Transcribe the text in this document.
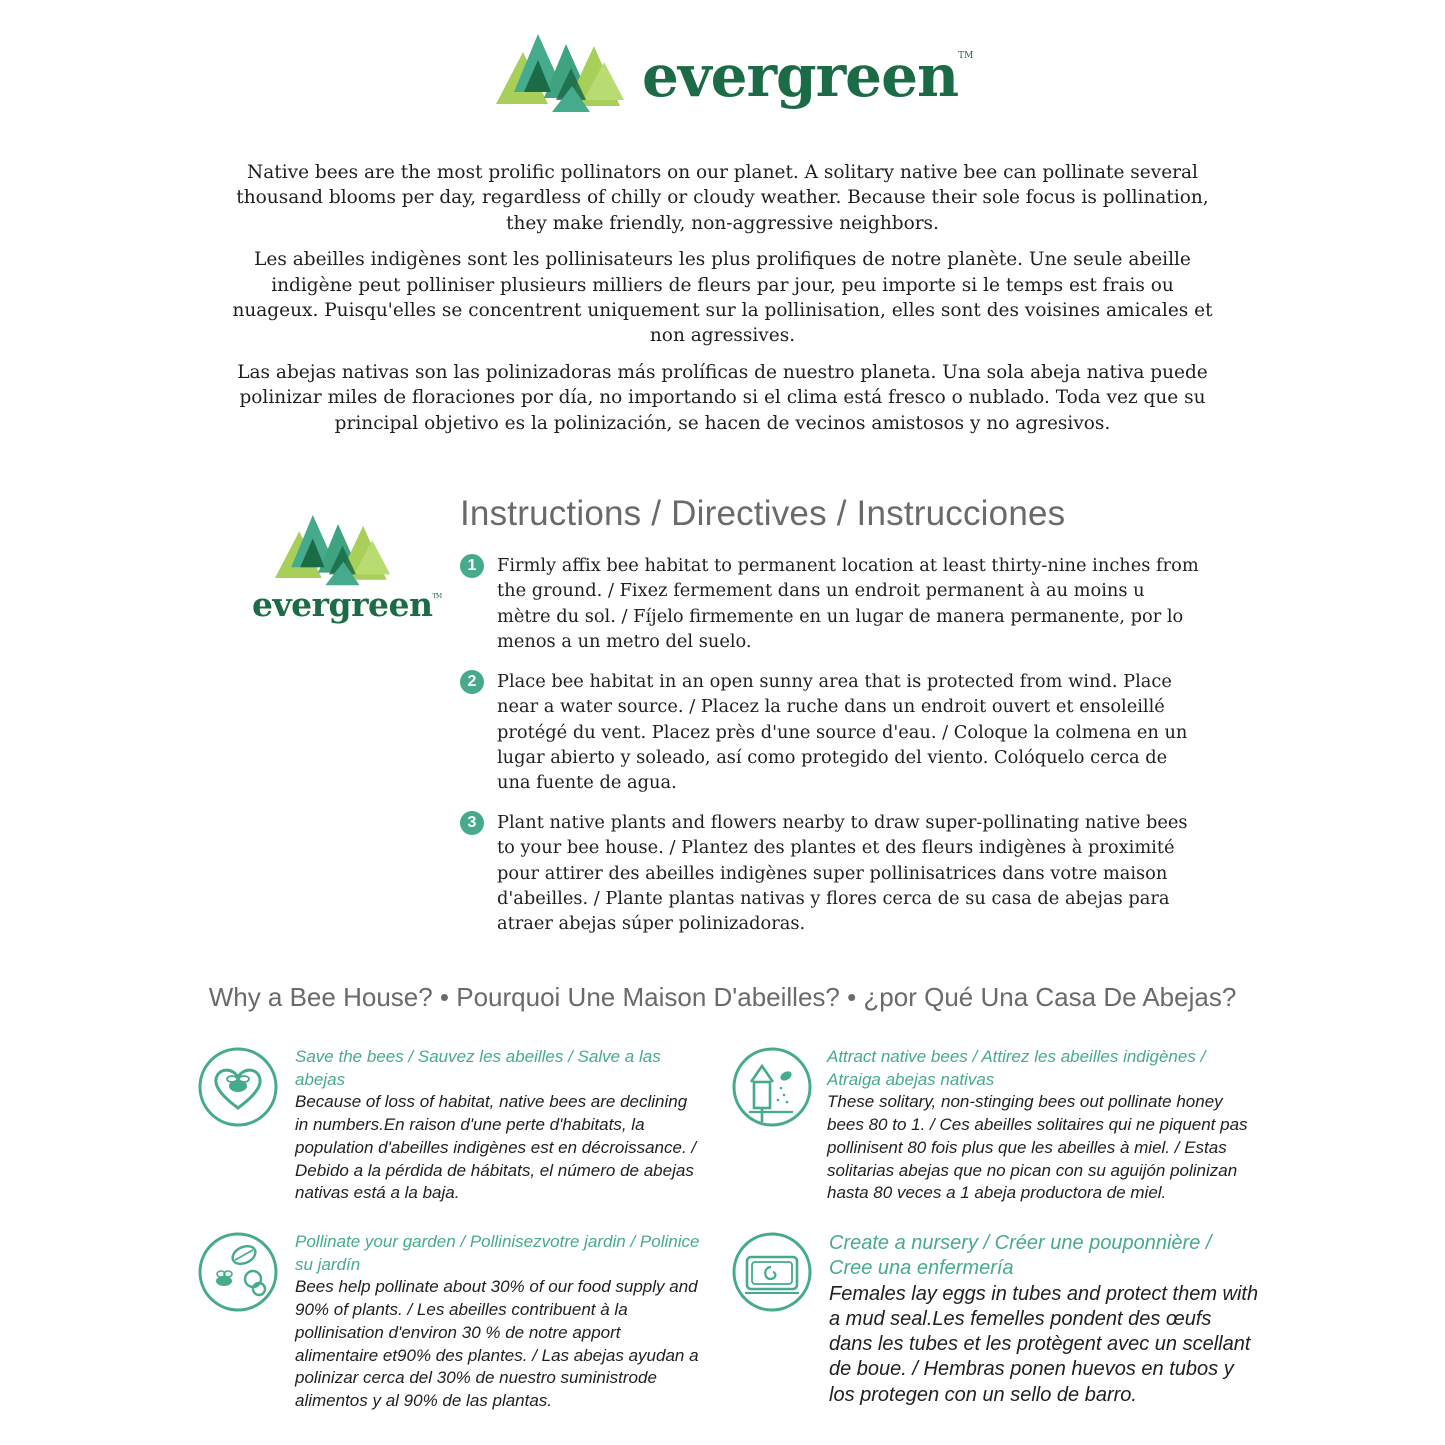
evergreen™

Native bees are the most prolific pollinators on our planet. A solitary native bee can pollinate several thousand blooms per day, regardless of chilly or cloudy weather. Because their sole focus is pollination, they make friendly, non-aggressive neighbors.

Les abeilles indigènes sont les pollinisateurs les plus prolifiques de notre planète. Une seule abeille indigène peut polliniser plusieurs milliers de fleurs par jour, peu importe si le temps est frais ou nuageux. Puisqu'elles se concentrent uniquement sur la pollinisation, elles sont des voisines amicales et non agressives.

Las abejas nativas son las polinizadoras más prolíficas de nuestro planeta. Una sola abeja nativa puede polinizar miles de floraciones por día, no importando si el clima está fresco o nublado. Toda vez que su principal objetivo es la polinización, se hacen de vecinos amistosos y no agresivos.

evergreen™
Instructions / Directives / Instrucciones
1	Firmly affix bee habitat to permanent location at least thirty-nine inches from the ground. / Fixez fermement dans un endroit permanent à au moins u mètre du sol. / Fíjelo firmemente en un lugar de manera permanente, por lo menos a un metro del suelo.
2	Place bee habitat in an open sunny area that is protected from wind. Place near a water source. / Placez la ruche dans un endroit ouvert et ensoleillé protégé du vent. Placez près d'une source d'eau. / Coloque la colmena en un lugar abierto y soleado, así como protegido del viento. Colóquelo cerca de una fuente de agua.
3	Plant native plants and flowers nearby to draw super-pollinating native bees to your bee house. / Plantez des plantes et des fleurs indigènes à proximité pour attirer des abeilles indigènes super pollinisatrices dans votre maison d'abeilles. / Plante plantas nativas y flores cerca de su casa de abejas para atraer abejas súper polinizadoras.
Why a Bee House? • Pourquoi Une Maison D'abeilles? • ¿por Qué Una Casa De Abejas?
Save the bees / Sauvez les abeilles / Salve a las abejas
Because of loss of habitat, native bees are declining in numbers.En raison d'une perte d'habitats, la population d'abeilles indigènes est en décroissance. / Debido a la pérdida de hábitats, el número de abejas nativas está a la baja.
Attract native bees / Attirez les abeilles indigènes / Atraiga abejas nativas
These solitary, non-stinging bees out pollinate honey bees 80 to 1. / Ces abeilles solitaires qui ne piquent pas pollinisent 80 fois plus que les abeilles à miel. / Estas solitarias abejas que no pican con su aguijón polinizan hasta 80 veces a 1 abeja productora de miel.
Pollinate your garden / Pollinisezvotre jardin / Polinice su jardín
Bees help pollinate about 30% of our food supply and 90% of plants. / Les abeilles contribuent à la pollinisation d'environ 30 % de notre apport alimentaire et90% des plantes. / Las abejas ayudan a polinizar cerca del 30% de nuestro suministrode alimentos y al 90% de las plantas.
Create a nursery / Créer une pouponnière / Cree una enfermería
Females lay eggs in tubes and protect them with a mud seal.Les femelles pondent des œufs dans les tubes et les protègent avec un scellant de boue. / Hembras ponen huevos en tubos y los protegen con un sello de barro.
